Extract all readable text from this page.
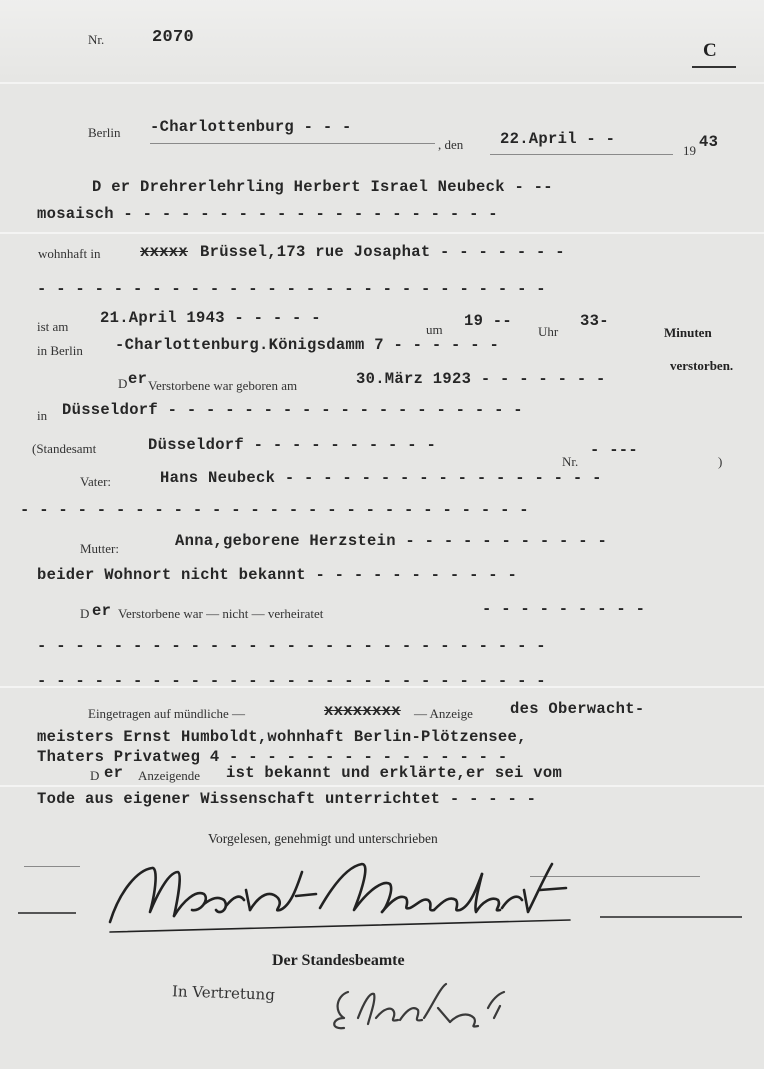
Nr.	2070
C
Berlin -Charlottenburg - - -
, den 22.April - -
19 43
D er Drehrerlehrling Herbert Israel Neubeck - --
mosaisch - - - - - - - - - - - - - - - - - - - -
wohnhaft in	xxxxx Brüssel,173 rue Josaphat - - - - - - -
- - - - - - - - - - - - - - - - - - - - - - - - - - -
ist am 21.April 1943 - - - - -
um 19 --
Uhr
33-
Minuten
in Berlin -Charlottenburg.Königsdamm 7 - - - - - -
verstorben.
D er Verstorbene war geboren am	30.März 1923 - - - - - - -
in Düsseldorf - - - - - - - - - - - - - - - - - - -
(Standesamt	Düsseldorf - - - - - - - - - -
Nr.
- ---
)
Vater:	Hans Neubeck - - - - - - - - - - - - - - - - -
- - - - - - - - - - - - - - - - - - - - - - - - - - -
Mutter:	Anna,geborene Herzstein - - - - - - - - - - -
beider Wohnort nicht bekannt - - - - - - - - - - -
D er Verstorbene war — nicht — verheiratet	- - - - - - - - -
- - - - - - - - - - - - - - - - - - - - - - - - - - -
- - - - - - - - - - - - - - - - - - - - - - - - - - -
Eingetragen auf mündliche —	xxxxxxxx — Anzeige des Oberwacht-
meisters Ernst Humboldt,wohnhaft Berlin-Plötzensee,
Thaters Privatweg 4 - - - - - - - - - - - - - - -
D er Anzeigende ist bekannt und erklärte,er sei vom
Tode aus eigener Wissenschaft unterrichtet - - - - -
Vorgelesen, genehmigt und unterschrieben
Der Standesbeamte
In Vertretung
